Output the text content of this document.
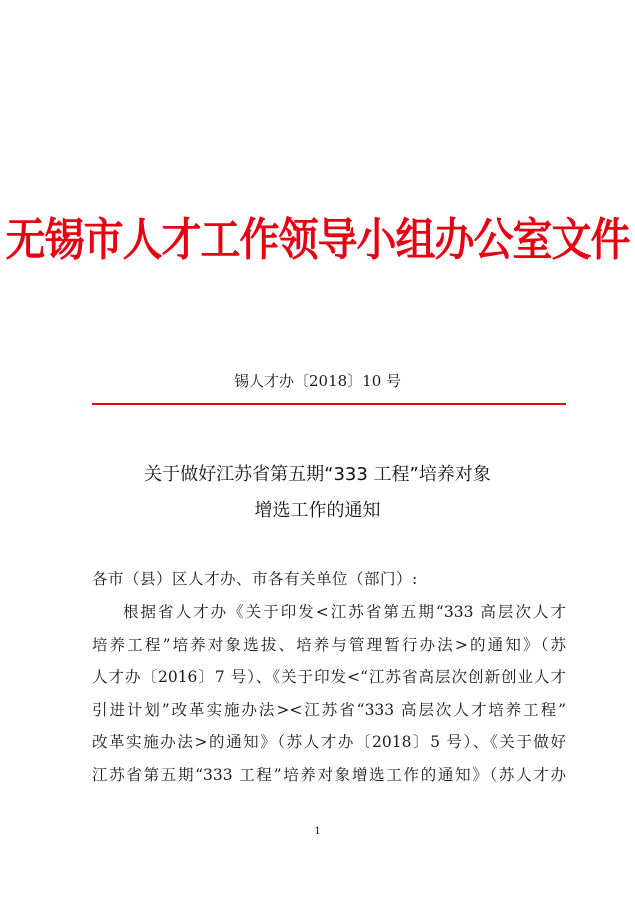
无锡市人才工作领导小组办公室文件
锡人才办〔2018〕10 号
关于做好江苏省第五期“333 工程”培养对象
增选工作的通知
各市（县）区人才办、市各有关单位（部门）:
根据省人才办《关于印发<江苏省第五期“333 高层次人才
培养工程”培养对象选拔、培养与管理暂行办法>的通知》（苏
人才办〔2016〕7 号）、《关于印发<“江苏省高层次创新创业人才
引进计划”改革实施办法><江苏省“333 高层次人才培养工程”
改革实施办法>的通知》（苏人才办〔2018〕5 号）、《关于做好
江苏省第五期“333 工程”培养对象增选工作的通知》（苏人才办
1
